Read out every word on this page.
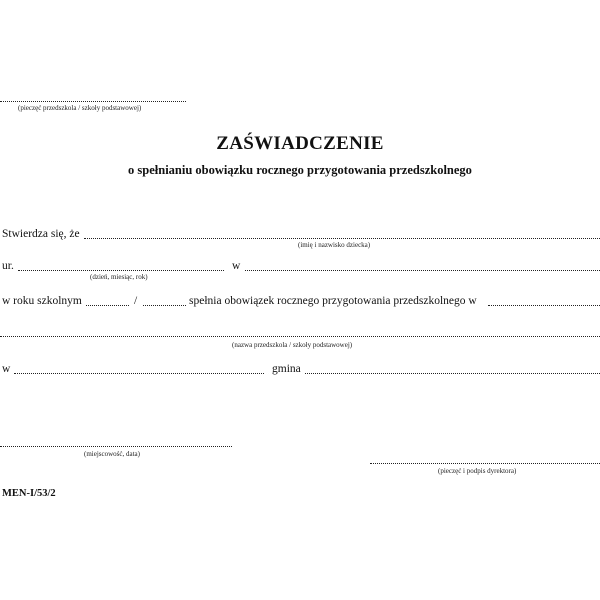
(pieczęć przedszkola / szkoły podstawowej)
ZAŚWIADCZENIE
o spełnianiu obowiązku rocznego przygotowania przedszkolnego
Stwierdza się, że
(imię i nazwisko dziecka)
ur.
(dzień, miesiąc, rok)
w
w roku szkolnym	/	spełnia obowiązek rocznego przygotowania przedszkolnego w
(nazwa przedszkola / szkoły podstawowej)
w	gmina
(miejscowość, data)
(pieczęć i podpis dyrektora)
MEN-I/53/2
